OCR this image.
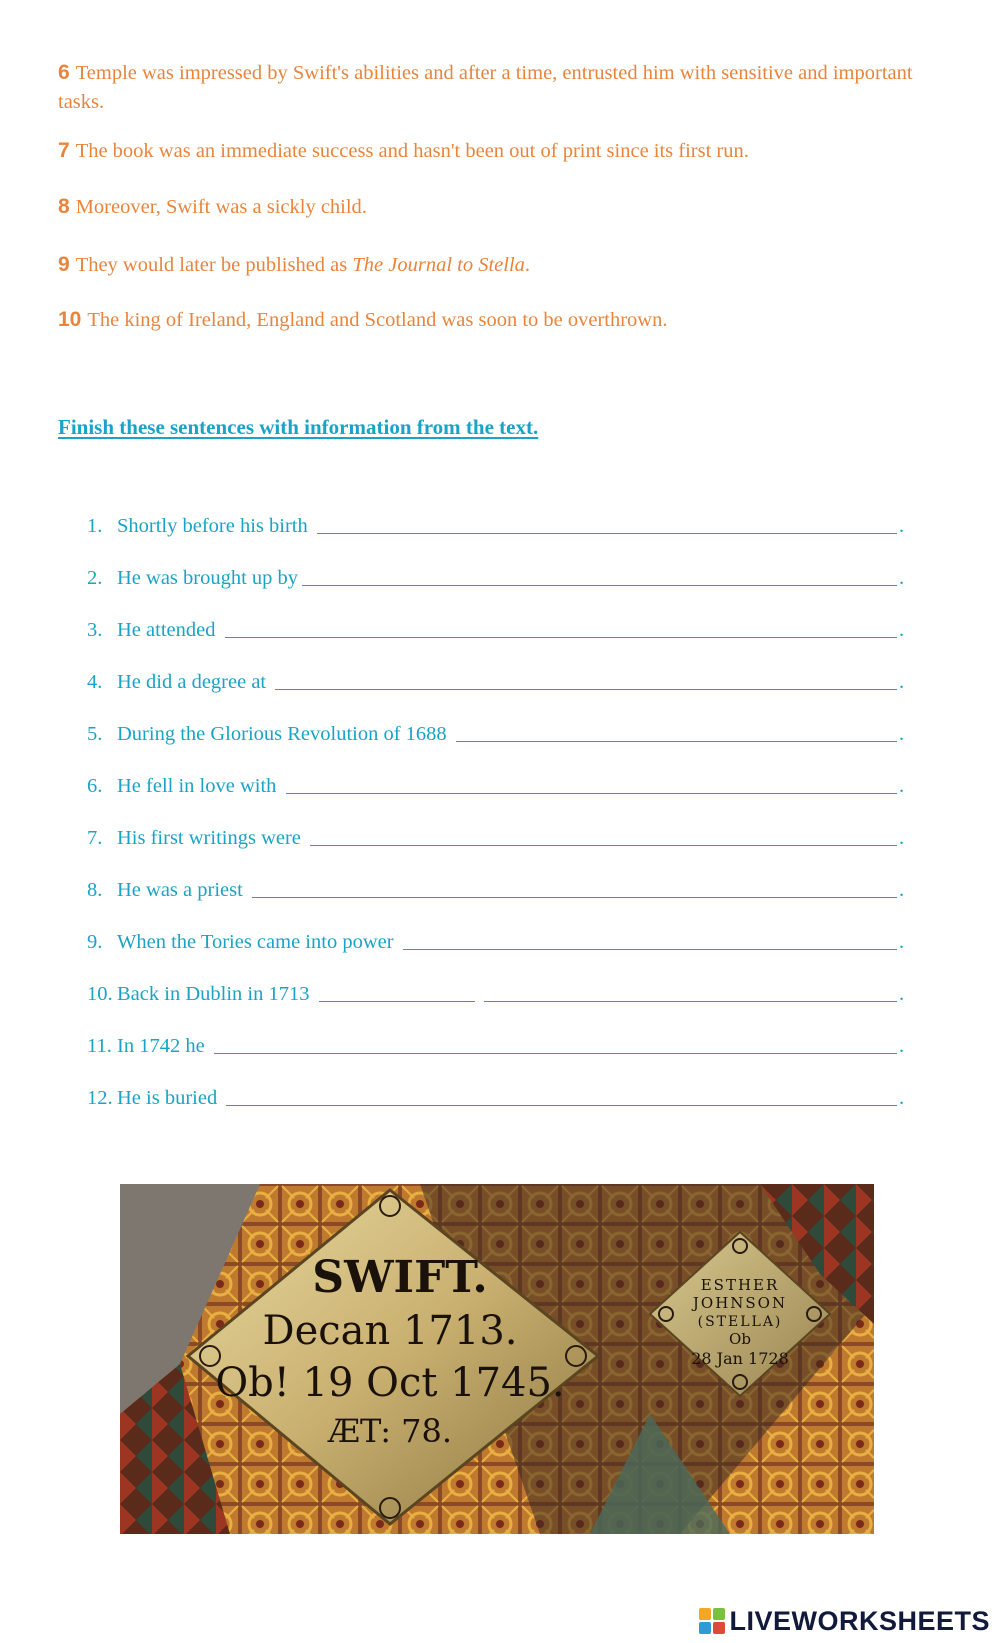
6 Temple was impressed by Swift's abilities and after a time, entrusted him with sensitive and important tasks.
7 The book was an immediate success and hasn't been out of print since its first run.
8 Moreover, Swift was a sickly child.
9 They would later be published as The Journal to Stella.
10 The king of Ireland, England and Scotland was soon to be overthrown.
Finish these sentences with information from the text.
1. Shortly before his birth	.
2. He was brought up by	.
3. He attended	.
4. He did a degree at	.
5. During the Glorious Revolution of 1688	.
6. He fell in love with	.
7. His first writings were	.
8. He was a priest	.
9. When the Tories came into power	.
10. Back in Dublin in 1713	.
11. In 1742 he	.
12. He is buried	.
SWIFT.
Decan 1713.
Ob! 19 Oct 1745.
ÆT: 78.
ESTHER
JOHNSON
(STELLA)
Ob
28 Jan 1728
LIVEWORKSHEETS
